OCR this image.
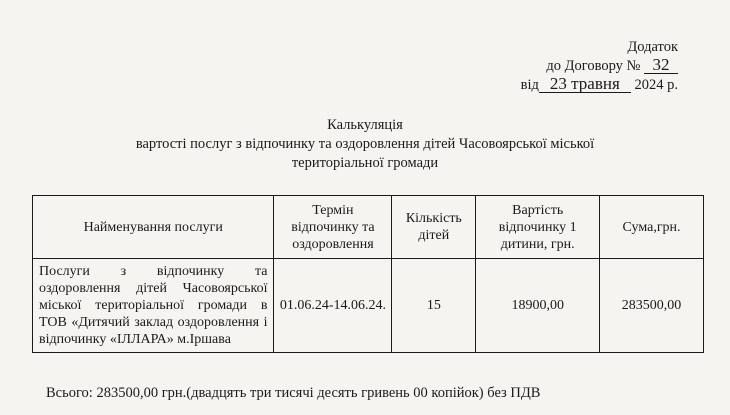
Додаток
до Договору № 32
від 23 травня 2024 р.
Калькуляція
вартості послуг з відпочинку та оздоровлення дітей Часовоярської міської територіальної громади
Найменування послуги	Термін відпочинку та оздоровлення	Кількість дітей	Вартість відпочинку 1 дитини, грн.	Сума,грн.
Послуги з відпочинку та оздоровлення дітей Часовоярської міської територіальної громади в ТОВ «Дитячий заклад оздоровлення і відпочинку «ІЛЛАРА» м.Іршава	01.06.24-14.06.24.	15	18900,00	283500,00
Всього: 283500,00 грн.(двадцять три тисячі десять гривень 00 копійок) без ПДВ
